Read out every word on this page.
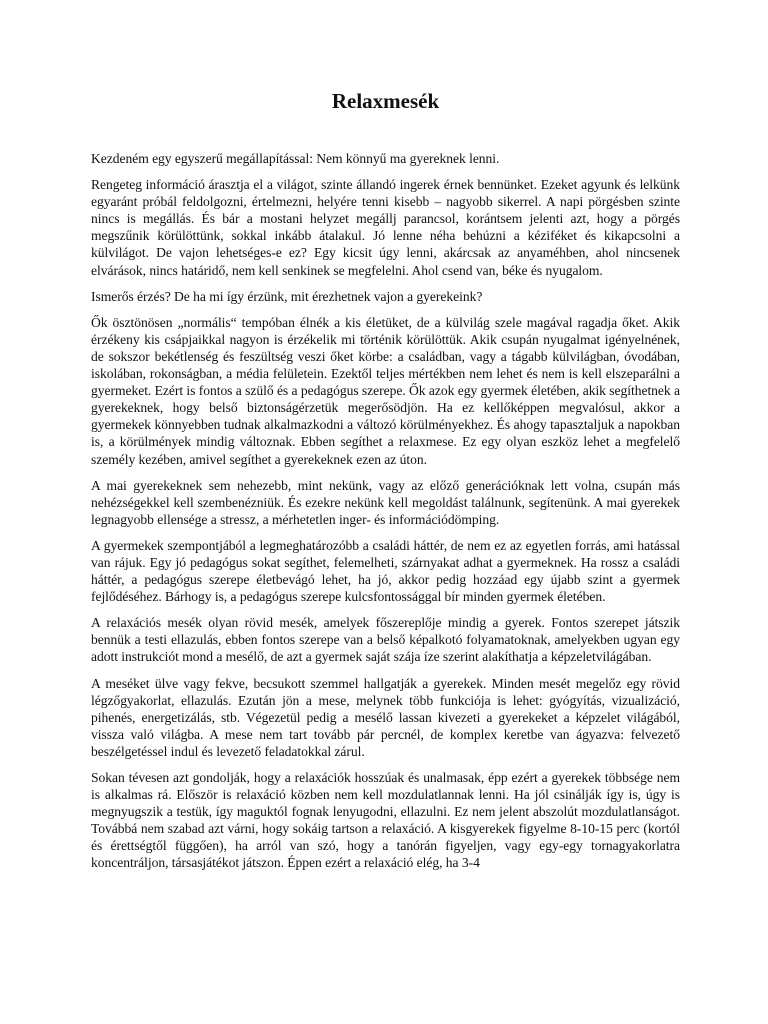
Relaxmesék

Kezdeném egy egyszerű megállapítással: Nem könnyű ma gyereknek lenni.

Rengeteg információ árasztja el a világot, szinte állandó ingerek érnek bennünket. Ezeket agyunk és lelkünk egyaránt próbál feldolgozni, értelmezni, helyére tenni kisebb – nagyobb sikerrel. A napi pörgésben szinte nincs is megállás. És bár a mostani helyzet megállj parancsol, korántsem jelenti azt, hogy a pörgés megszűnik körülöttünk, sokkal inkább átalakul. Jó lenne néha behúzni a kéziféket és kikapcsolni a külvilágot. De vajon lehetséges-e ez? Egy kicsit úgy lenni, akárcsak az anyaméhben, ahol nincsenek elvárások, nincs határidő, nem kell senkinek se megfelelni. Ahol csend van, béke és nyugalom.

Ismerős érzés? De ha mi így érzünk, mit érezhetnek vajon a gyerekeink?

Ők ösztönösen „normális“ tempóban élnék a kis életüket, de a külvilág szele magával ragadja őket. Akik érzékeny kis csápjaikkal nagyon is érzékelik mi történik körülöttük. Akik csupán nyugalmat igényelnének, de sokszor bekétlenség és feszültség veszi őket körbe: a családban, vagy a tágabb külvilágban, óvodában, iskolában, rokonságban, a média felületein. Ezektől teljes mértékben nem lehet és nem is kell elszeparálni a gyermeket. Ezért is fontos a szülő és a pedagógus szerepe. Ők azok egy gyermek életében, akik segíthetnek a gyerekeknek, hogy belső biztonságérzetük megerősödjön. Ha ez kellőképpen megvalósul, akkor a gyermekek könnyebben tudnak alkalmazkodni a változó körülményekhez. És ahogy tapasztaljuk a napokban is, a körülmények mindig változnak. Ebben segíthet a relaxmese. Ez egy olyan eszköz lehet a megfelelő személy kezében, amivel segíthet a gyerekeknek ezen az úton.

A mai gyerekeknek sem nehezebb, mint nekünk, vagy az előző generációknak lett volna, csupán más nehézségekkel kell szembenézniük. És ezekre nekünk kell megoldást találnunk, segítenünk. A mai gyerekek legnagyobb ellensége a stressz, a mérhetetlen inger- és információdömping.

A gyermekek szempontjából a legmeghatározóbb a családi háttér, de nem ez az egyetlen forrás, ami hatással van rájuk. Egy jó pedagógus sokat segíthet, felemelheti, szárnyakat adhat a gyermeknek. Ha rossz a családi háttér, a pedagógus szerepe életbevágó lehet, ha jó, akkor pedig hozzáad egy újabb szint a gyermek fejlődéséhez. Bárhogy is, a pedagógus szerepe kulcsfontossággal bír minden gyermek életében.

A relaxációs mesék olyan rövid mesék, amelyek főszereplője mindig a gyerek. Fontos szerepet játszik bennük a testi ellazulás, ebben fontos szerepe van a belső képalkotó folyamatoknak, amelyekben ugyan egy adott instrukciót mond a mesélő, de azt a gyermek saját szája íze szerint alakíthatja a képzeletvilágában.

A meséket ülve vagy fekve, becsukott szemmel hallgatják a gyerekek. Minden mesét megelőz egy rövid légzőgyakorlat, ellazulás. Ezután jön a mese, melynek több funkciója is lehet: gyógyítás, vizualizáció, pihenés, energetizálás, stb. Végezetül pedig a mesélő lassan kivezeti a gyerekeket a képzelet világából, vissza való világba. A mese nem tart tovább pár percnél, de komplex keretbe van ágyazva: felvezető beszélgetéssel indul és levezető feladatokkal zárul.

Sokan tévesen azt gondolják, hogy a relaxációk hosszúak és unalmasak, épp ezért a gyerekek többsége nem is alkalmas rá. Először is relaxáció közben nem kell mozdulatlannak lenni. Ha jól csinálják így is, úgy is megnyugszik a testük, így maguktól fognak lenyugodni, ellazulni. Ez nem jelent abszolút mozdulatlanságot. Továbbá nem szabad azt várni, hogy sokáig tartson a relaxáció. A kisgyerekek figyelme 8-10-15 perc (kortól és érettségtől függően), ha arról van szó, hogy a tanórán figyeljen, vagy egy-egy tornagyakorlatra koncentráljon, társasjátékot játszon. Éppen ezért a relaxáció elég, ha 3-4
